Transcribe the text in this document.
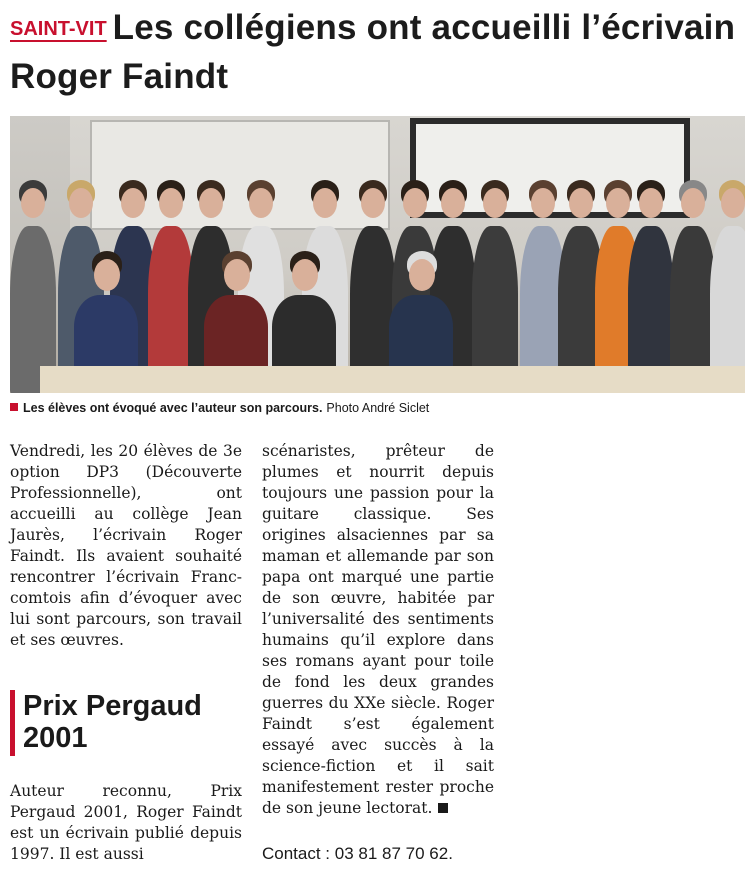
SAINT-VIT Les collégiens ont accueilli l’écrivain Roger Faindt
Les élèves ont évoqué avec l’auteur son parcours. Photo André Siclet

Vendredi, les 20 élèves de 3e option DP3 (Découverte Professionnelle), ont accueilli au collège Jean Jaurès, l’écrivain Roger Faindt. Ils avaient souhaité rencontrer l’écrivain Franc-comtois afin d’évoquer avec lui sont parcours, son travail et ses œuvres.

Prix Pergaud 2001

Auteur reconnu, Prix Pergaud 2001, Roger Faindt est un écrivain publié depuis 1997. Il est aussi

scénaristes, prêteur de plumes et nourrit depuis toujours une passion pour la guitare classique. Ses origines alsaciennes par sa maman et allemande par son papa ont marqué une partie de son œuvre, habitée par l’universalité des sentiments humains qu’il explore dans ses romans ayant pour toile de fond les deux grandes guerres du XXe siècle. Roger Faindt s’est également essayé avec succès à la science-fiction et il sait manifestement rester proche de son jeune lectorat.

Contact : 03 81 87 70 62.
